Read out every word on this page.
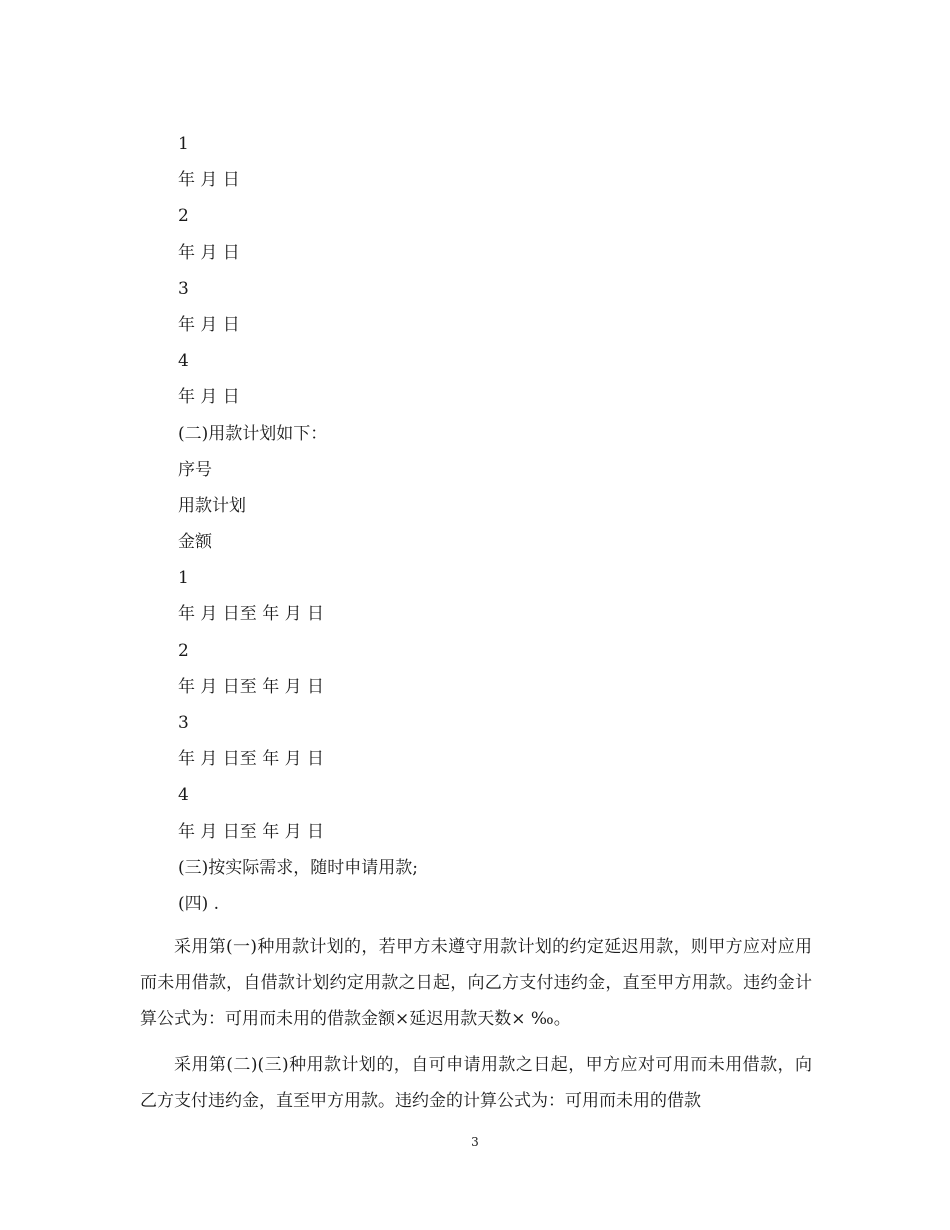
1
年 月 日
2
年 月 日
3
年 月 日
4
年 月 日
(二)用款计划如下：
序号
用款计划
金额
1
年 月 日至 年 月 日
2
年 月 日至 年 月 日
3
年 月 日至 年 月 日
4
年 月 日至 年 月 日
(三)按实际需求，随时申请用款;
(四) .

采用第(一)种用款计划的，若甲方未遵守用款计划的约定延迟用款，则甲方应对应用而未用借款，自借款计划约定用款之日起，向乙方支付违约金，直至甲方用款。违约金计算公式为：可用而未用的借款金额×延迟用款天数× ‰。

采用第(二)(三)种用款计划的，自可申请用款之日起，甲方应对可用而未用借款，向乙方支付违约金，直至甲方用款。违约金的计算公式为：可用而未用的借款

3
